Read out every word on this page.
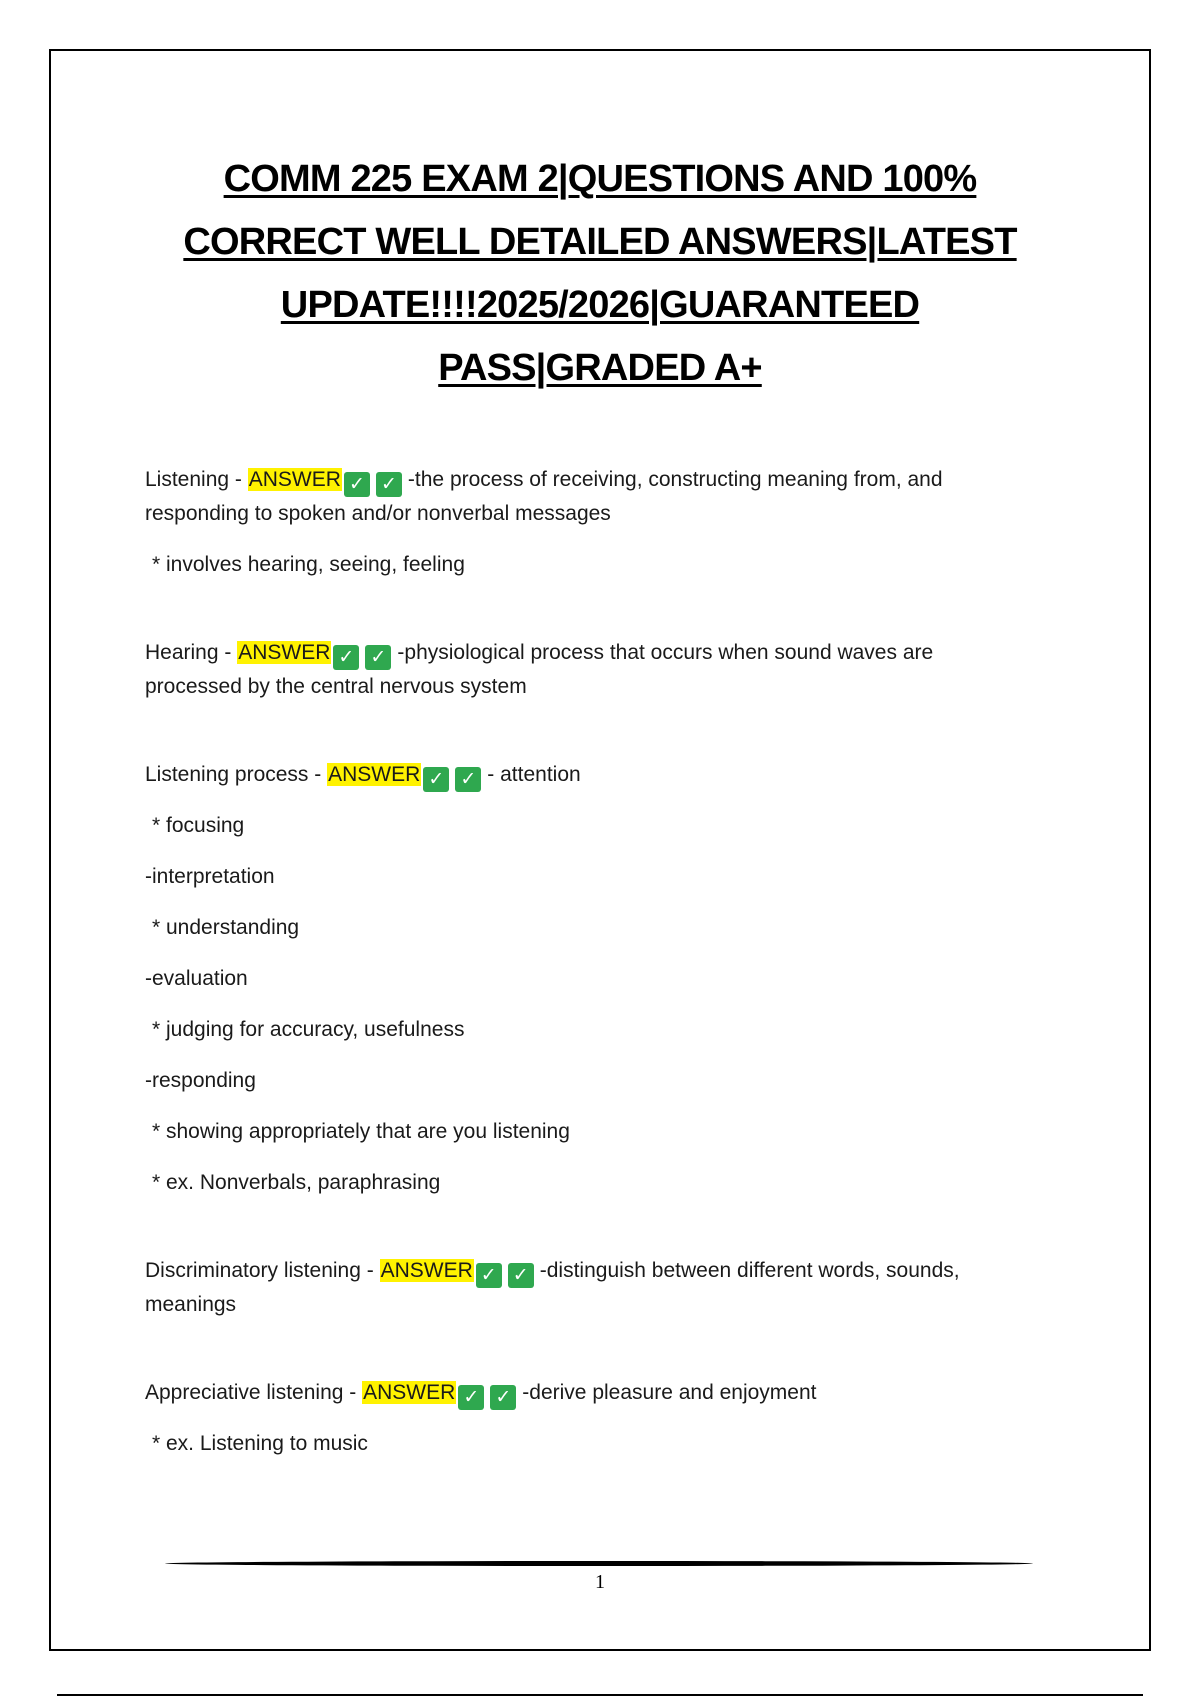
COMM 225 EXAM 2|QUESTIONS AND 100%
CORRECT WELL DETAILED ANSWERS|LATEST
UPDATE!!!!2025/2026|GUARANTEED
PASS|GRADED A+
Listening - ANSWER ✓ ✓ -the process of receiving, constructing meaning from, and responding to spoken and/or nonverbal messages
* involves hearing, seeing, feeling
Hearing - ANSWER ✓ ✓ -physiological process that occurs when sound waves are processed by the central nervous system
Listening process - ANSWER ✓ ✓ - attention
* focusing
-interpretation
* understanding
-evaluation
* judging for accuracy, usefulness
-responding
* showing appropriately that are you listening
* ex. Nonverbals, paraphrasing
Discriminatory listening - ANSWER ✓ ✓ -distinguish between different words, sounds, meanings
Appreciative listening - ANSWER ✓ ✓ -derive pleasure and enjoyment
* ex. Listening to music
1
